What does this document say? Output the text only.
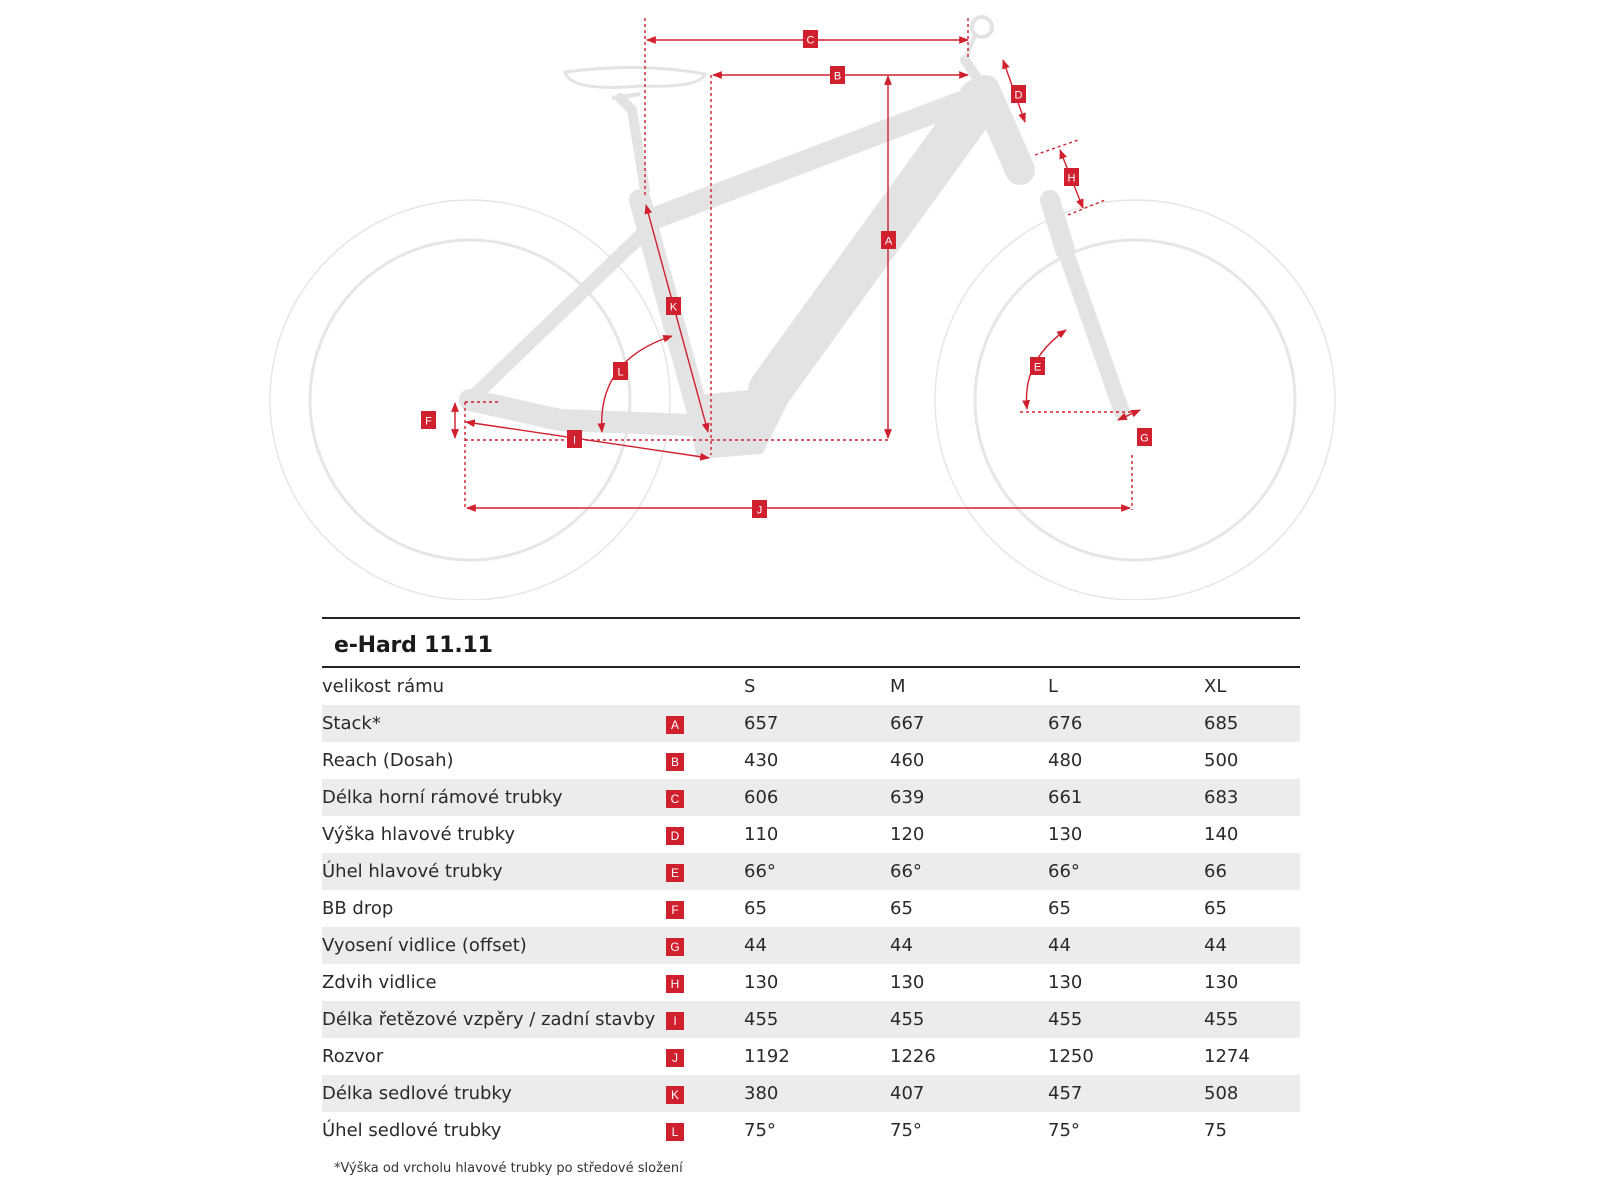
C
B
A
D
H
K
L
F
I
J
E
G
e-Hard 11.11
velikost rámu		S	M	L	XL
Stack*	A	657	667	676	685
Reach (Dosah)	B	430	460	480	500
Délka horní rámové trubky	C	606	639	661	683
Výška hlavové trubky	D	110	120	130	140
Úhel hlavové trubky	E	66°	66°	66°	66
BB drop	F	65	65	65	65
Vyosení vidlice (offset)	G	44	44	44	44
Zdvih vidlice	H	130	130	130	130
Délka řetězové vzpěry / zadní stavby	I	455	455	455	455
Rozvor	J	1192	1226	1250	1274
Délka sedlové trubky	K	380	407	457	508
Úhel sedlové trubky	L	75°	75°	75°	75
*Výška od vrcholu hlavové trubky po středové složení
